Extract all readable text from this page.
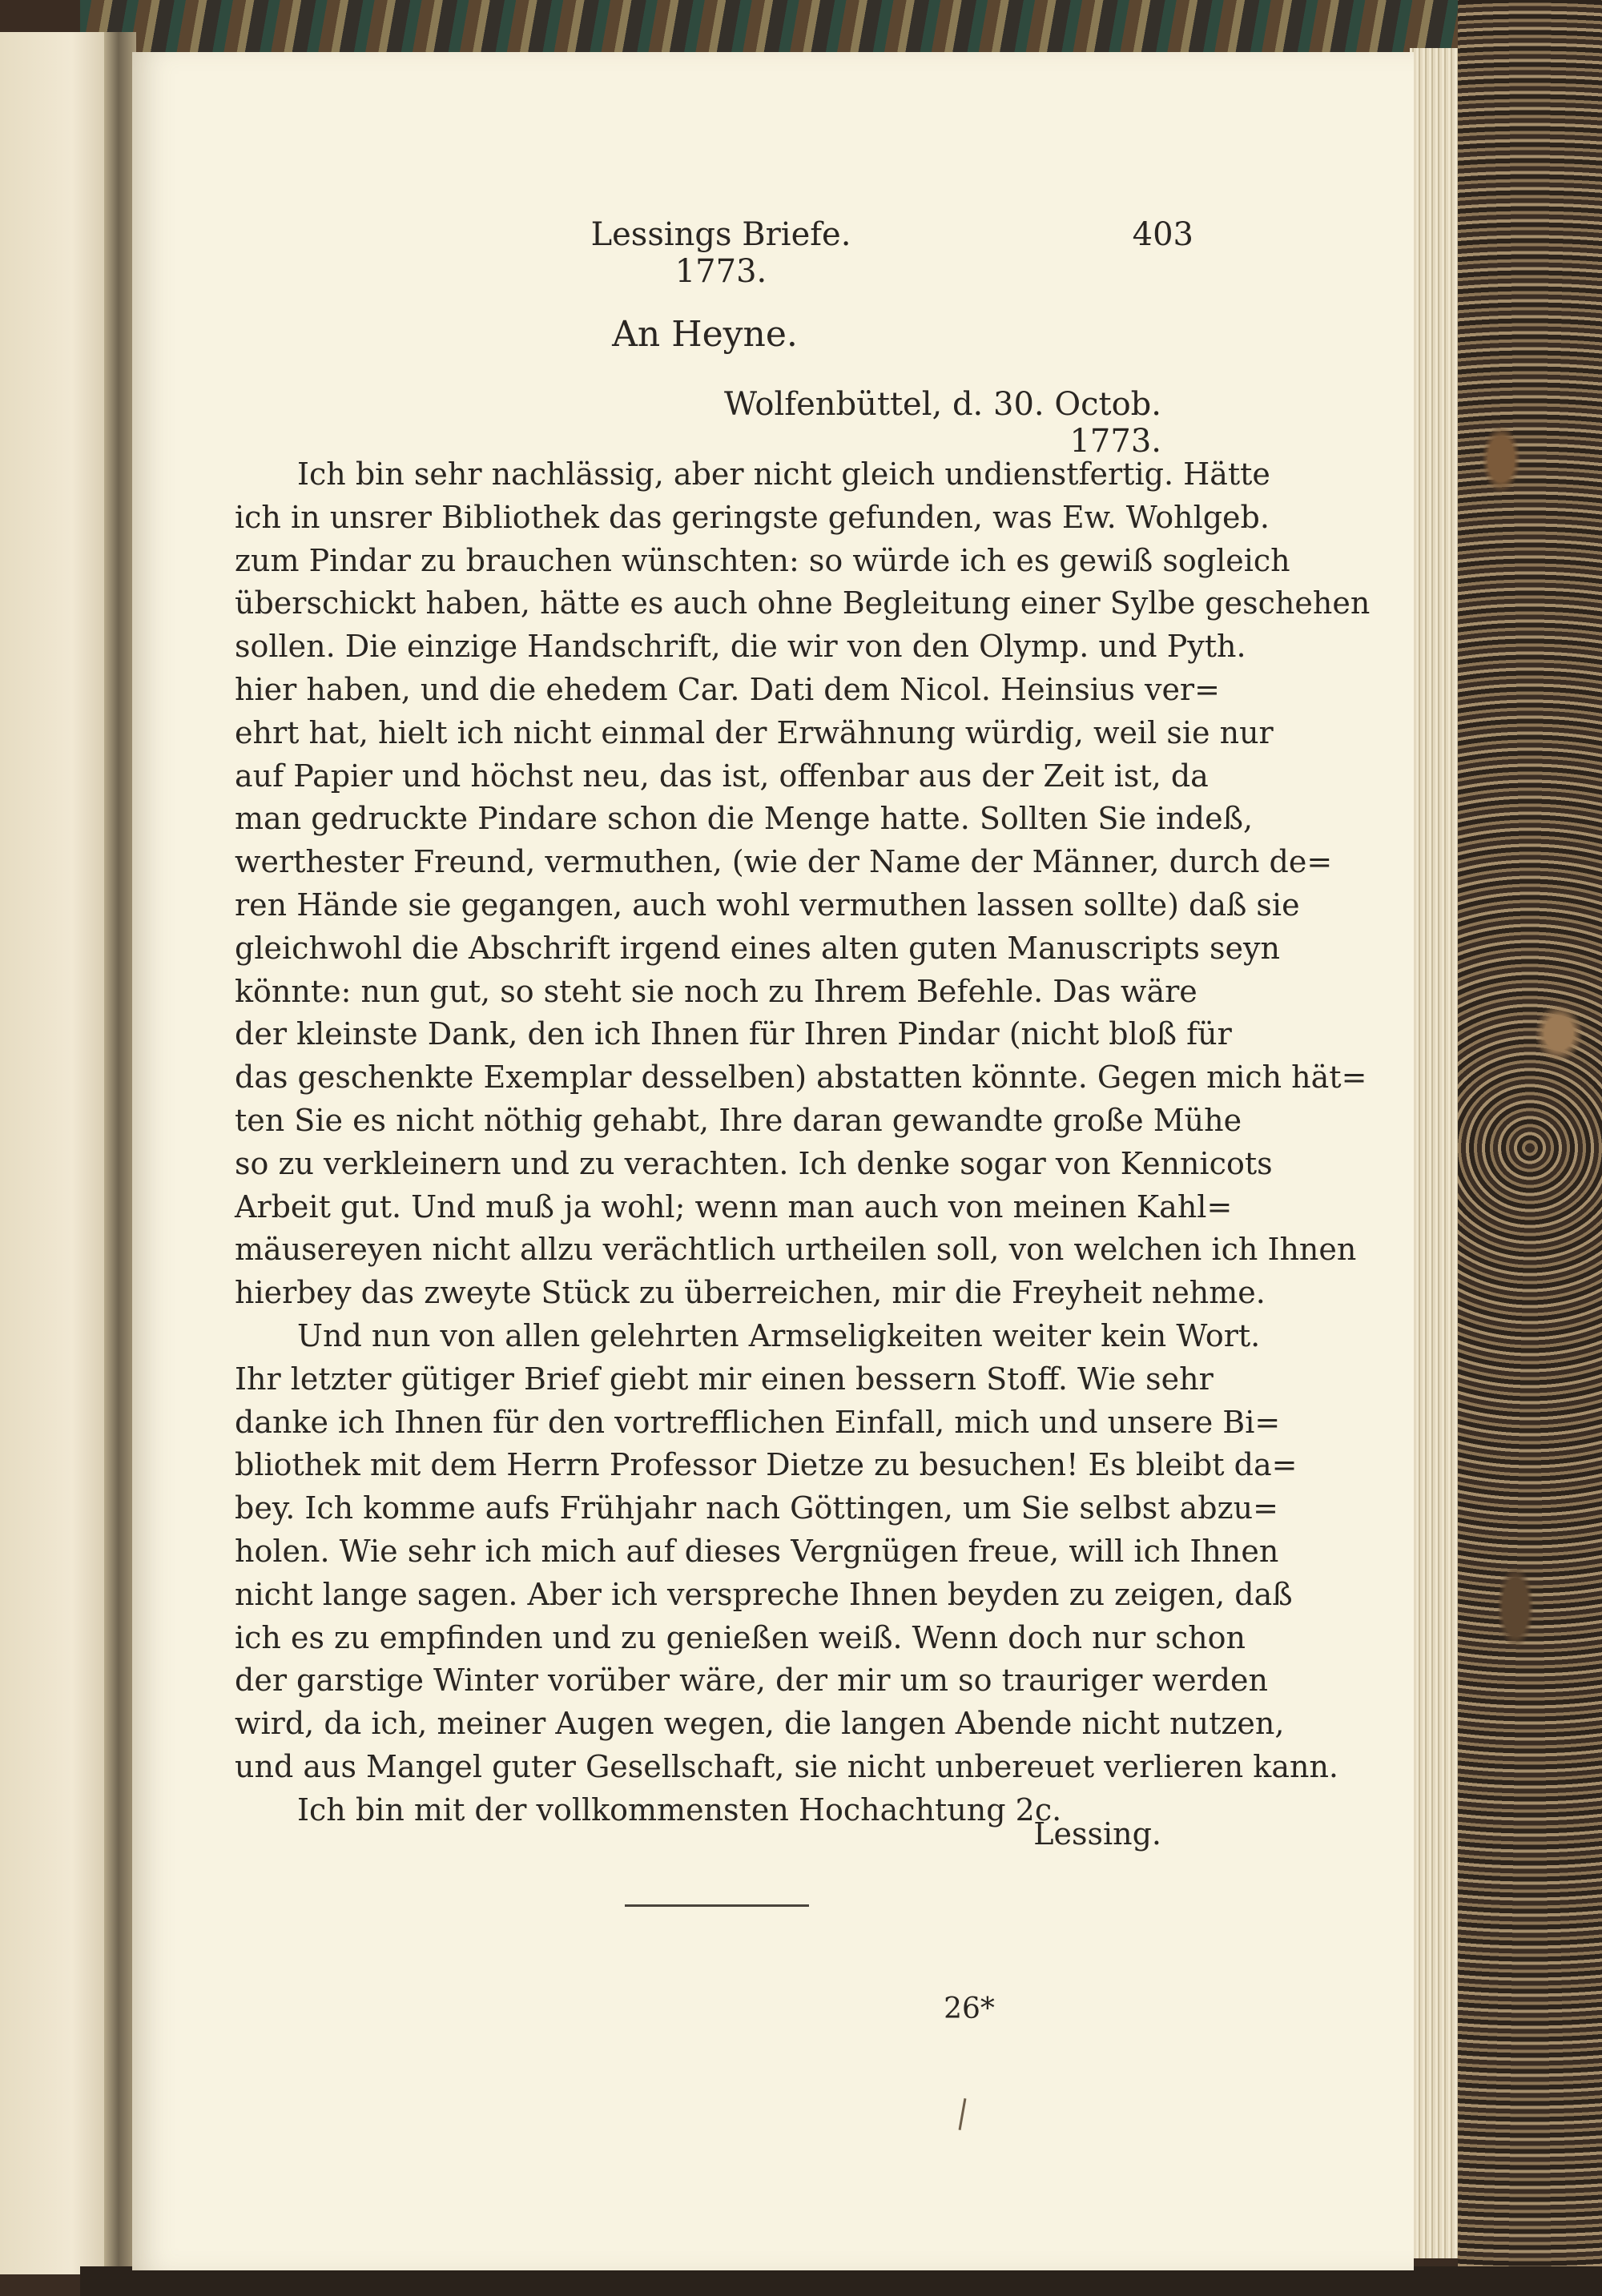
Lessings Briefe. 1773.
403
An Heyne.
Wolfenbüttel, d. 30. Octob. 1773.
Ich bin sehr nachlässig, aber nicht gleich undienstfertig. Hätte
ich in unsrer Bibliothek das geringste gefunden, was Ew. Wohlgeb.
zum Pindar zu brauchen wünschten: so würde ich es gewiß sogleich
überschickt haben, hätte es auch ohne Begleitung einer Sylbe geschehen
sollen. Die einzige Handschrift, die wir von den Olymp. und Pyth.
hier haben, und die ehedem Car. Dati dem Nicol. Heinsius ver=
ehrt hat, hielt ich nicht einmal der Erwähnung würdig, weil sie nur
auf Papier und höchst neu, das ist, offenbar aus der Zeit ist, da
man gedruckte Pindare schon die Menge hatte. Sollten Sie indeß,
werthester Freund, vermuthen, (wie der Name der Männer, durch de=
ren Hände sie gegangen, auch wohl vermuthen lassen sollte) daß sie
gleichwohl die Abschrift irgend eines alten guten Manuscripts seyn
könnte: nun gut, so steht sie noch zu Ihrem Befehle. Das wäre
der kleinste Dank, den ich Ihnen für Ihren Pindar (nicht bloß für
das geschenkte Exemplar desselben) abstatten könnte. Gegen mich hät=
ten Sie es nicht nöthig gehabt, Ihre daran gewandte große Mühe
so zu verkleinern und zu verachten. Ich denke sogar von Kennicots
Arbeit gut. Und muß ja wohl; wenn man auch von meinen Kahl=
mäusereyen nicht allzu verächtlich urtheilen soll, von welchen ich Ihnen
hierbey das zweyte Stück zu überreichen, mir die Freyheit nehme.
Und nun von allen gelehrten Armseligkeiten weiter kein Wort.
Ihr letzter gütiger Brief giebt mir einen bessern Stoff. Wie sehr
danke ich Ihnen für den vortrefflichen Einfall, mich und unsere Bi=
bliothek mit dem Herrn Professor Dietze zu besuchen! Es bleibt da=
bey. Ich komme aufs Frühjahr nach Göttingen, um Sie selbst abzu=
holen. Wie sehr ich mich auf dieses Vergnügen freue, will ich Ihnen
nicht lange sagen. Aber ich verspreche Ihnen beyden zu zeigen, daß
ich es zu empfinden und zu genießen weiß. Wenn doch nur schon
der garstige Winter vorüber wäre, der mir um so trauriger werden
wird, da ich, meiner Augen wegen, die langen Abende nicht nutzen,
und aus Mangel guter Gesellschaft, sie nicht unbereuet verlieren kann.
Ich bin mit der vollkommensten Hochachtung 2c.
Lessing.
26*
